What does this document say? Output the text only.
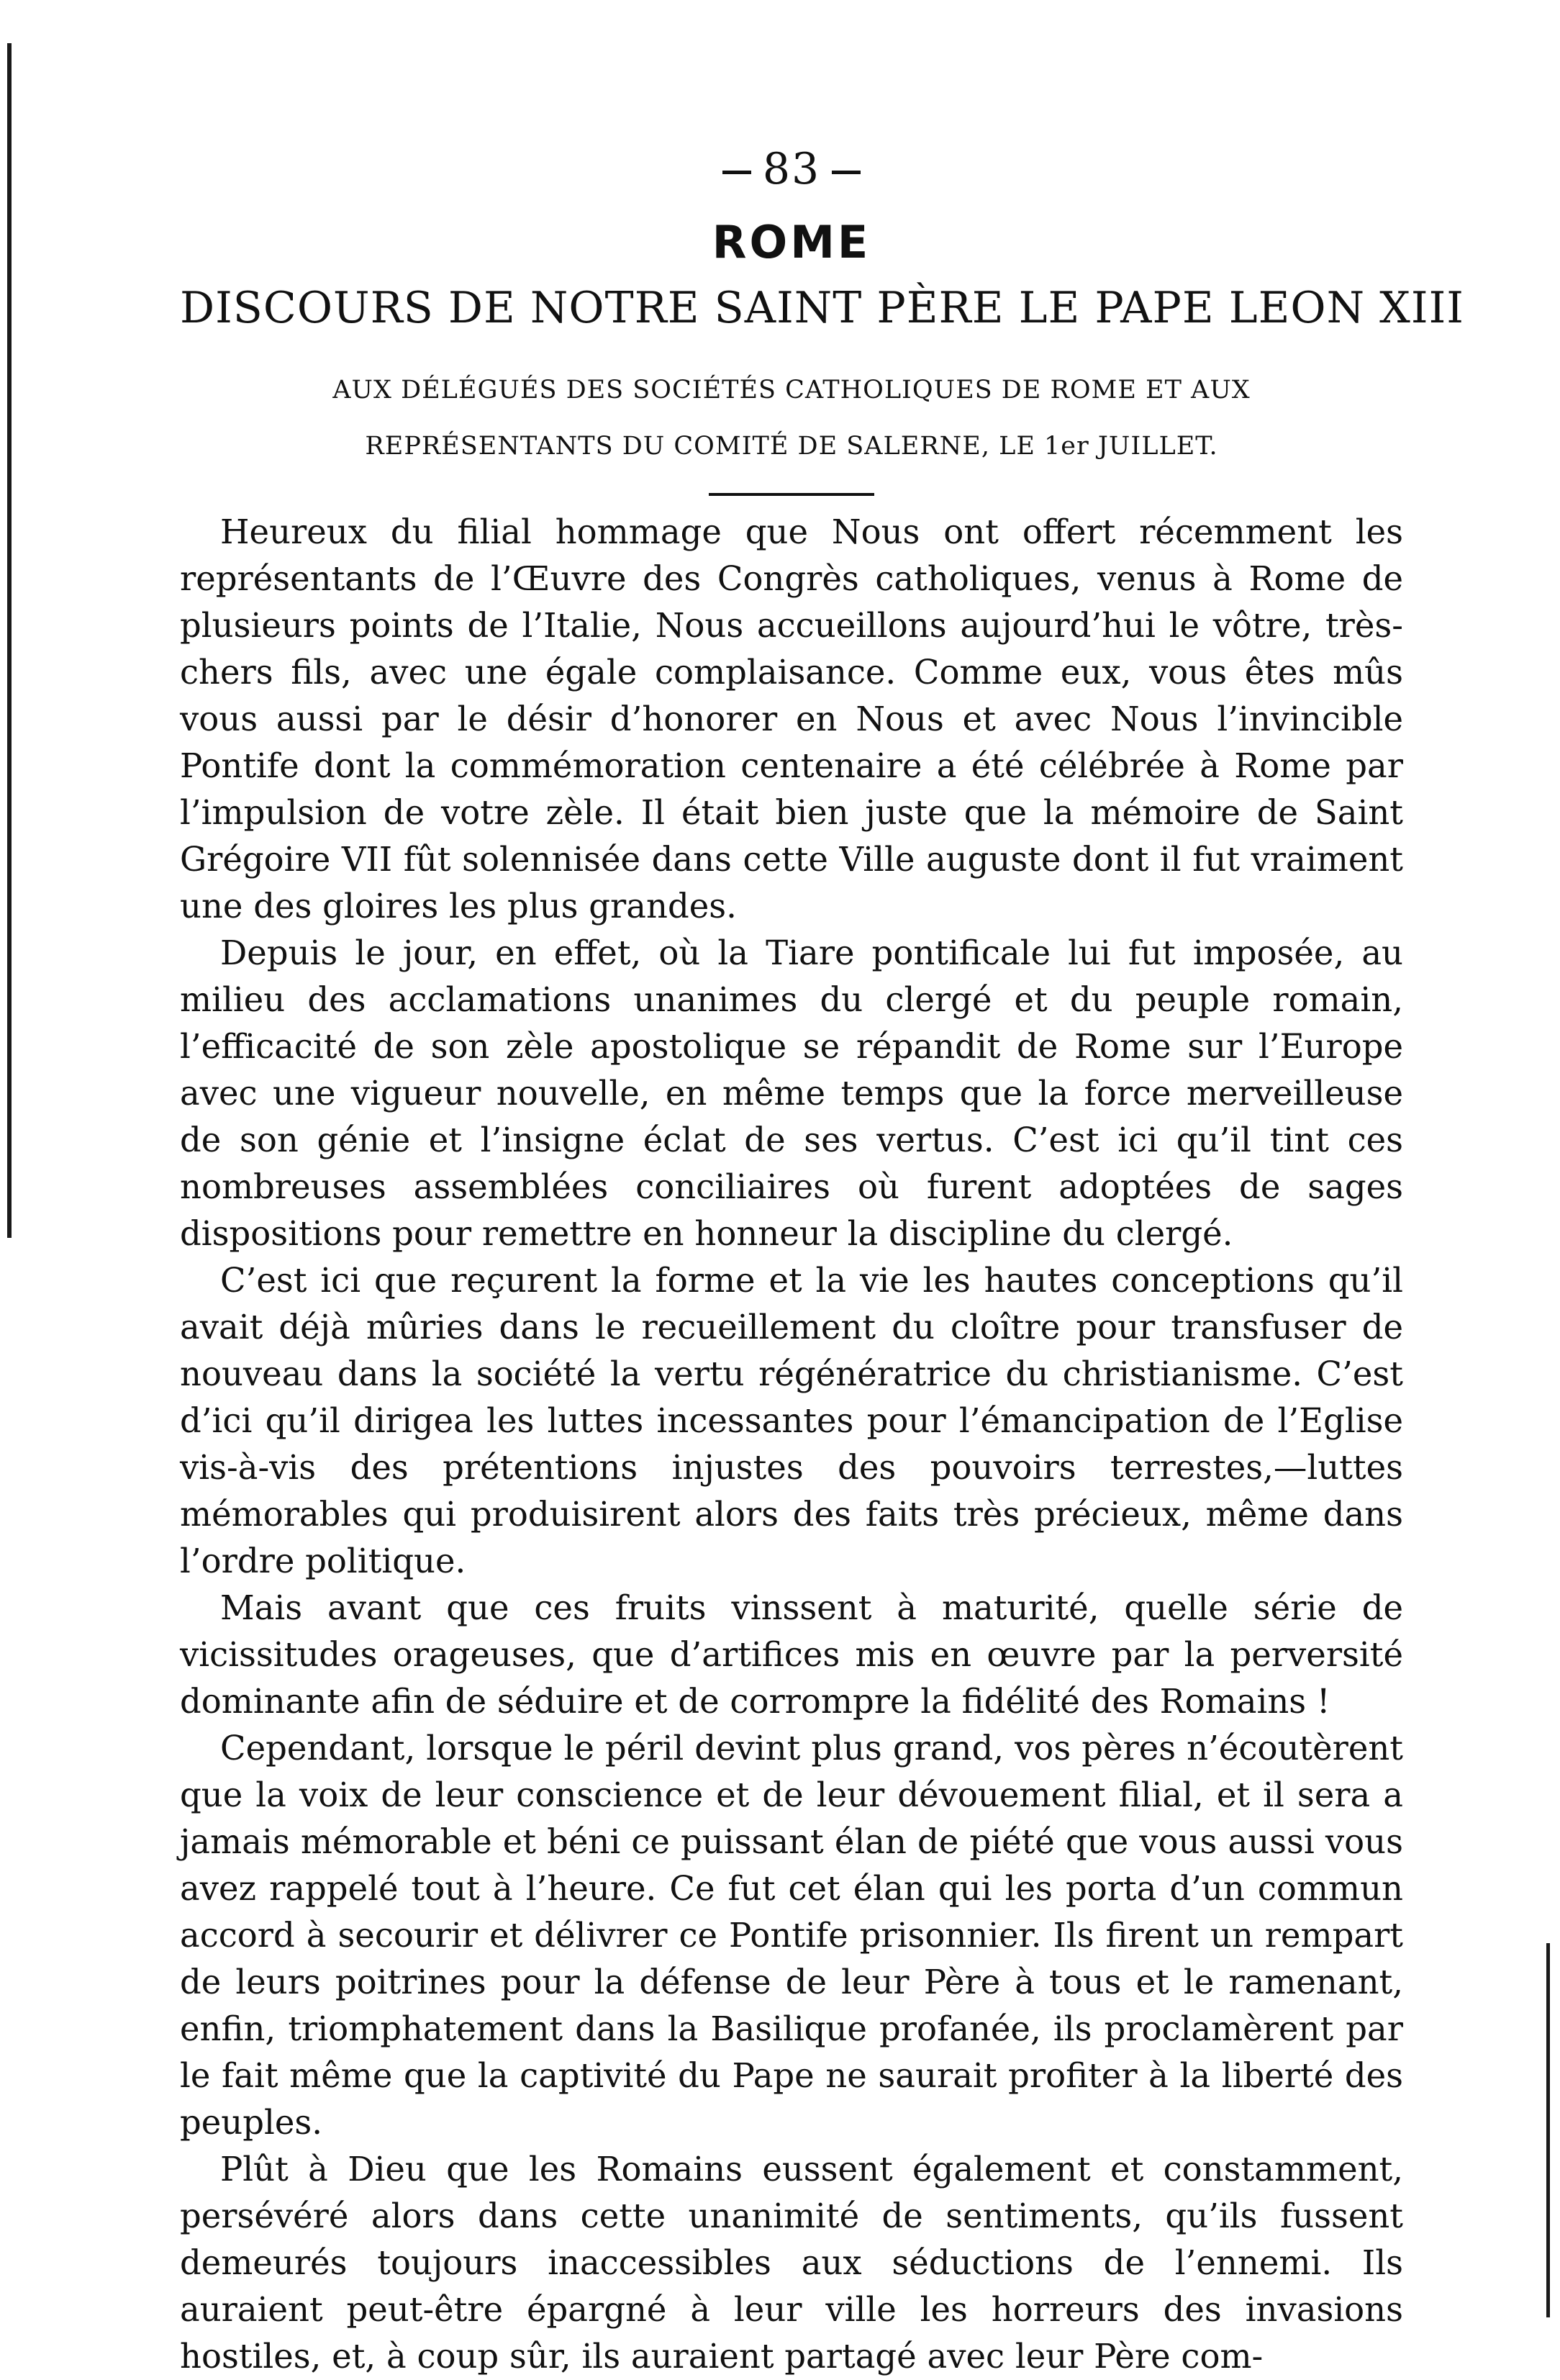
83
ROME
DISCOURS DE NOTRE SAINT PÈRE LE PAPE LEON XIII
AUX DÉLÉGUÉS DES SOCIÉTÉS CATHOLIQUES DE ROME ET AUX
REPRÉSENTANTS DU COMITÉ DE SALERNE, LE 1er JUILLET.

Heureux du filial hommage que Nous ont offert récemment les représentants de l’Œuvre des Congrès catholiques, venus à Rome de plusieurs points de l’Italie, Nous accueillons aujourd’hui le vôtre, très-chers fils, avec une égale complaisance. Comme eux, vous êtes mûs vous aussi par le désir d’honorer en Nous et avec Nous l’invincible Pontife dont la commémoration centenaire a été célébrée à Rome par l’impulsion de votre zèle. Il était bien juste que la mémoire de Saint Grégoire VII fût solennisée dans cette Ville auguste dont il fut vraiment une des gloires les plus grandes.

Depuis le jour, en effet, où la Tiare pontificale lui fut imposée, au milieu des acclamations unanimes du clergé et du peuple romain, l’efficacité de son zèle apostolique se répandit de Rome sur l’Europe avec une vigueur nouvelle, en même temps que la force merveilleuse de son génie et l’insigne éclat de ses vertus. C’est ici qu’il tint ces nombreuses assemblées conciliaires où furent adoptées de sages dispositions pour remettre en honneur la discipline du clergé.

C’est ici que reçurent la forme et la vie les hautes conceptions qu’il avait déjà mûries dans le recueillement du cloître pour transfuser de nouveau dans la société la vertu régénératrice du christianisme. C’est d’ici qu’il dirigea les luttes incessantes pour l’émancipation de l’Eglise vis-à-vis des prétentions injustes des pouvoirs terrestes,—luttes mémorables qui produisirent alors des faits très précieux, même dans l’ordre politique.

Mais avant que ces fruits vinssent à maturité, quelle série de vicissitudes orageuses, que d’artifices mis en œuvre par la perversité dominante afin de séduire et de corrompre la fidélité des Romains !

Cependant, lorsque le péril devint plus grand, vos pères n’écoutèrent que la voix de leur conscience et de leur dévouement filial, et il sera a jamais mémorable et béni ce puissant élan de piété que vous aussi vous avez rappelé tout à l’heure. Ce fut cet élan qui les porta d’un commun accord à secourir et délivrer ce Pontife prisonnier. Ils firent un rempart de leurs poitrines pour la défense de leur Père à tous et le ramenant, enfin, triomphatement dans la Basilique profanée, ils proclamèrent par le fait même que la captivité du Pape ne saurait profiter à la liberté des peuples.

Plût à Dieu que les Romains eussent également et constamment, persévéré alors dans cette unanimité de sentiments, qu’ils fussent demeurés toujours inaccessibles aux séductions de l’ennemi. Ils auraient peut-être épargné à leur ville les horreurs des invasions hostiles, et, à coup sûr, ils auraient partagé avec leur Père com-
